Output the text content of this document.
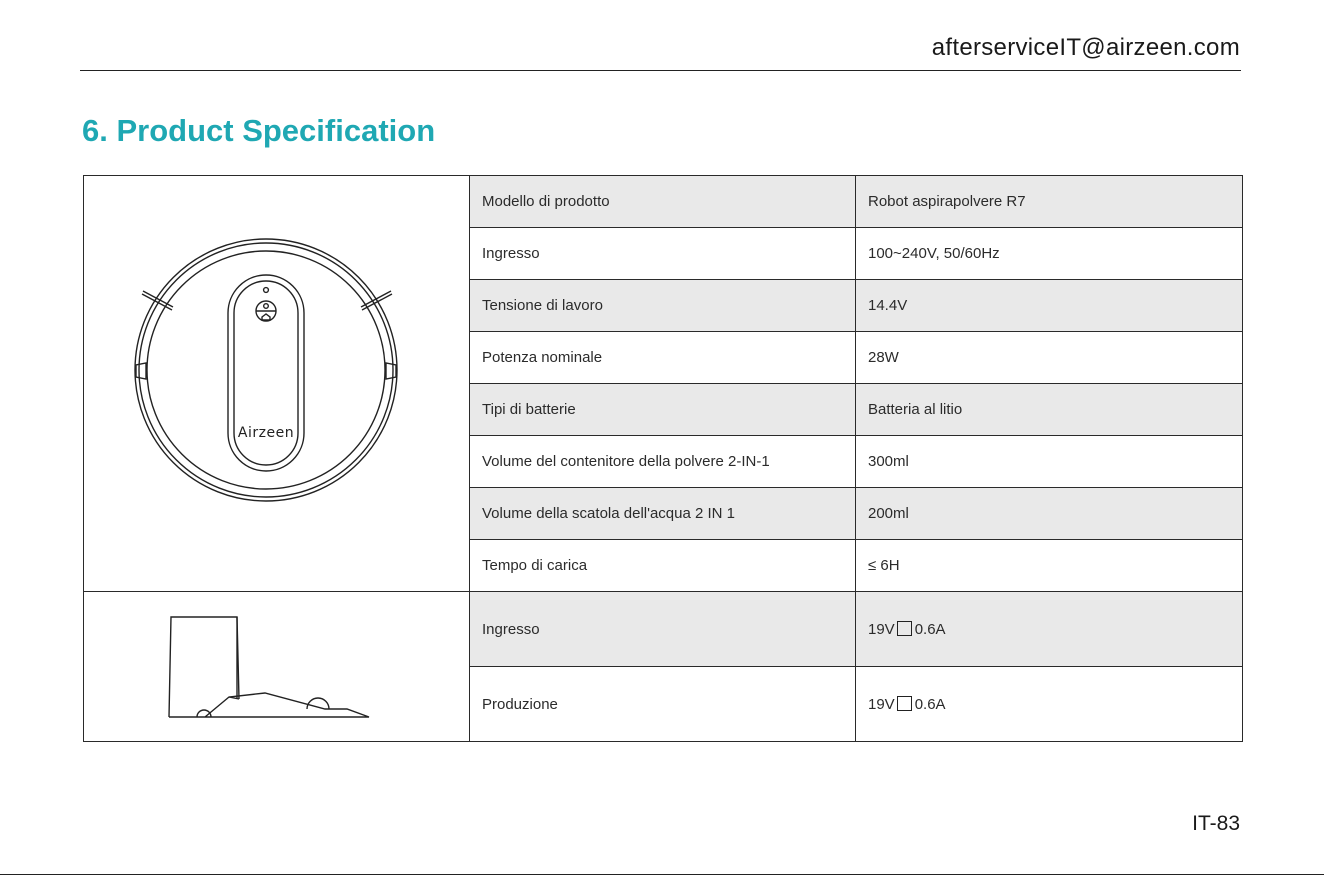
afterserviceIT@airzeen.com
6. Product Specification
Airzeen	Modello di prodotto	Robot aspirapolvere R7
	Ingresso	100~240V, 50/60Hz
	Tensione di lavoro	14.4V
	Potenza nominale	28W
	Tipi di batterie	Batteria al litio
	Volume del contenitore della polvere 2-IN-1	300ml
	Volume della scatola dell'acqua 2 IN 1	200ml
	Tempo di carica	≤ 6H
	Ingresso	19V 0.6A
	Produzione	19V 0.6A
IT-83
